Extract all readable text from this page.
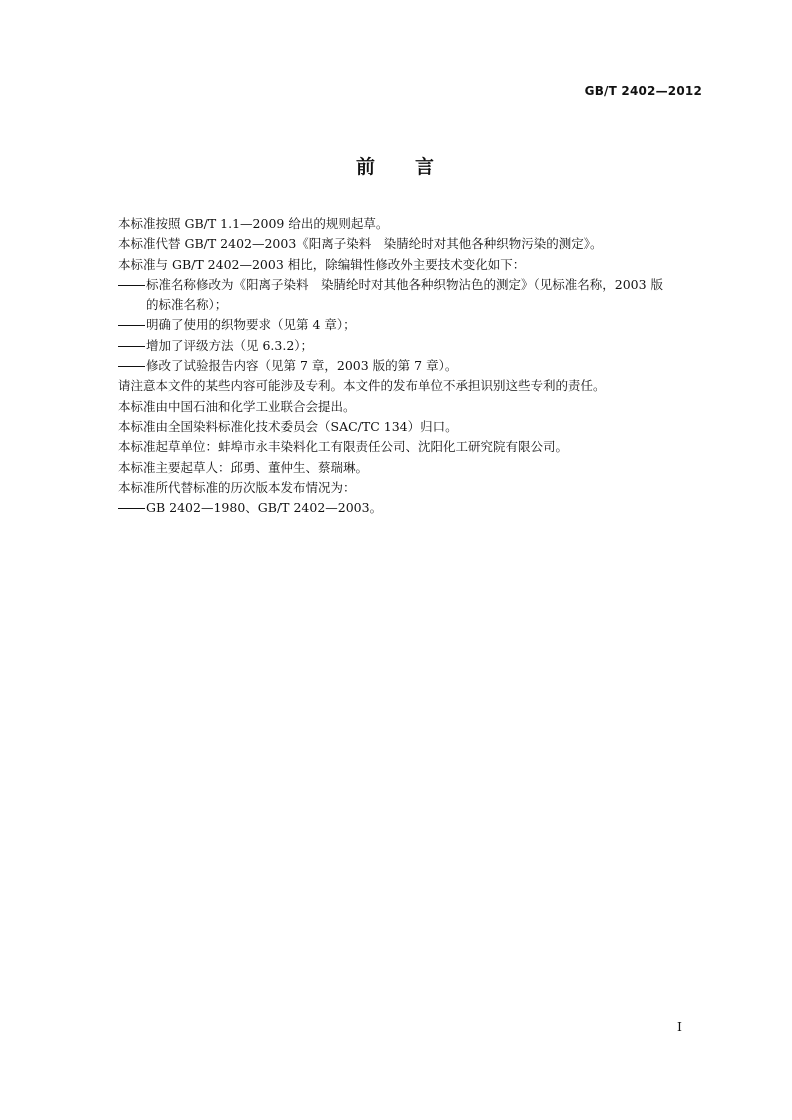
GB/T 2402—2012
前 言

本标准按照 GB/T 1.1—2009 给出的规则起草。

本标准代替 GB/T 2402—2003《阳离子染料　染腈纶时对其他各种织物污染的测定》。

本标准与 GB/T 2402—2003 相比，除编辑性修改外主要技术变化如下：

标准名称修改为《阳离子染料　染腈纶时对其他各种织物沾色的测定》（见标准名称，2003 版

的标准名称）；

明确了使用的织物要求（见第 4 章）；

增加了评级方法（见 6.3.2）；

修改了试验报告内容（见第 7 章，2003 版的第 7 章）。

请注意本文件的某些内容可能涉及专利。本文件的发布单位不承担识别这些专利的责任。

本标准由中国石油和化学工业联合会提出。

本标准由全国染料标准化技术委员会（SAC/TC 134）归口。

本标准起草单位：蚌埠市永丰染料化工有限责任公司、沈阳化工研究院有限公司。

本标准主要起草人：邱勇、董仲生、蔡瑞琳。

本标准所代替标准的历次版本发布情况为：

GB 2402—1980、GB/T 2402—2003。

I
